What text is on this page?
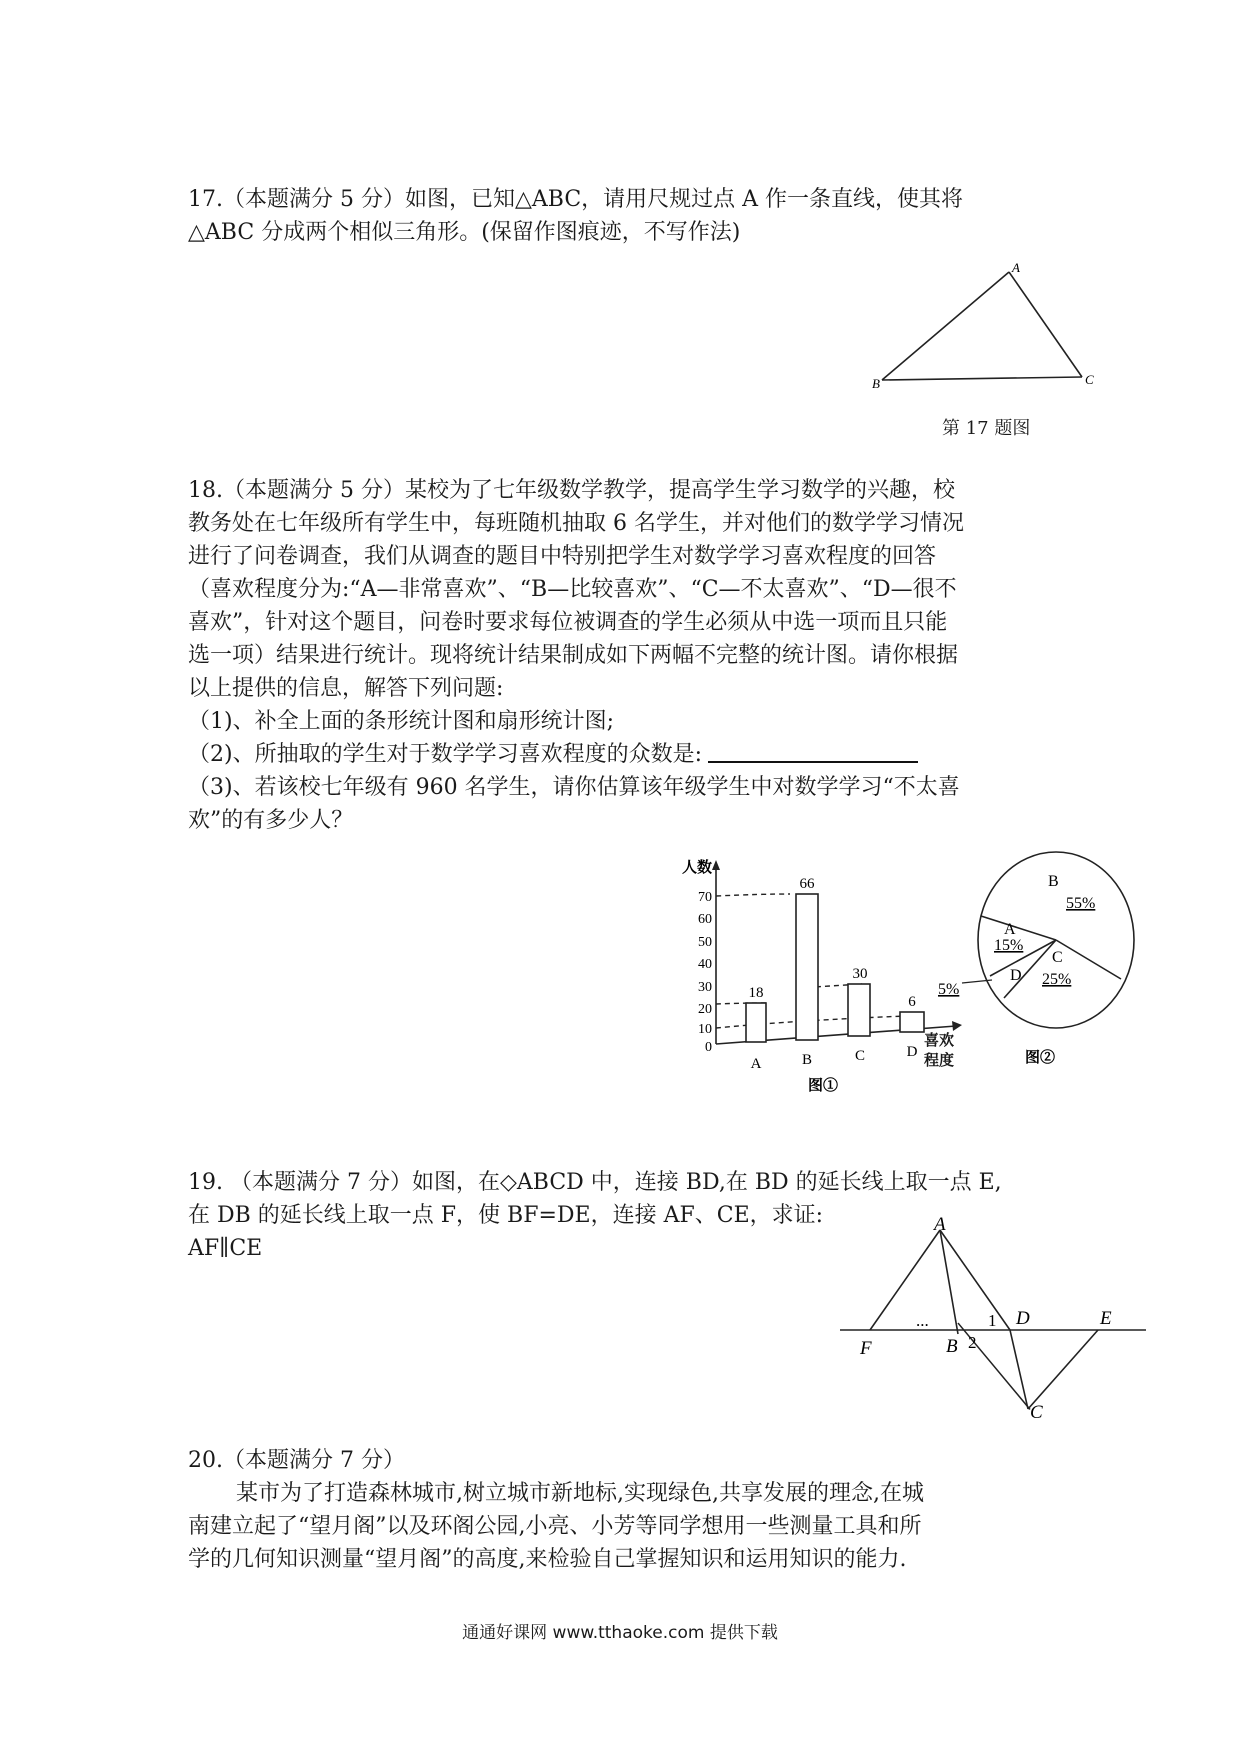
17.（本题满分 5 分）如图，已知△ABC，请用尺规过点 A 作一条直线，使其将
△ABC 分成两个相似三角形。(保留作图痕迹，不写作法)
A
B	C
第 17 题图
18.（本题满分 5 分）某校为了七年级数学教学，提高学生学习数学的兴趣，校
教务处在七年级所有学生中，每班随机抽取 6 名学生，并对他们的数学学习情况
进行了问卷调查，我们从调查的题目中特别把学生对数学学习喜欢程度的回答
（喜欢程度分为:“A—非常喜欢”、“B—比较喜欢”、“C—不太喜欢”、“D—很不
喜欢”，针对这个题目，问卷时要求每位被调查的学生必须从中选一项而且只能
选一项）结果进行统计。现将统计结果制成如下两幅不完整的统计图。请你根据
以上提供的信息，解答下列问题:
（1)、补全上面的条形统计图和扇形统计图;
（2)、所抽取的学生对于数学学习喜欢程度的众数是:
（3)、若该校七年级有 960 名学生，请你估算该年级学生中对数学学习“不太喜
欢”的有多少人？
人数
70
60
50
40
30
20
10
0
18
66
30
6
A	B	C	D
喜欢程度
图①
B
55%
A
15%
C
25%
D
5%
图②
19. （本题满分 7 分）如图，在◇ABCD 中，连接 BD,在 BD 的延长线上取一点 E,
在 DB 的延长线上取一点 F，使 BF=DE，连接 AF、CE，求证:
AF∥CE
A
B
C
D	E
F
1
2
...
20.（本题满分 7 分）
某市为了打造森林城市,树立城市新地标,实现绿色,共享发展的理念,在城
南建立起了“望月阁”以及环阁公园,小亮、小芳等同学想用一些测量工具和所
学的几何知识测量“望月阁”的高度,来检验自己掌握知识和运用知识的能力.
通通好课网 www.tthaoke.com 提供下载
